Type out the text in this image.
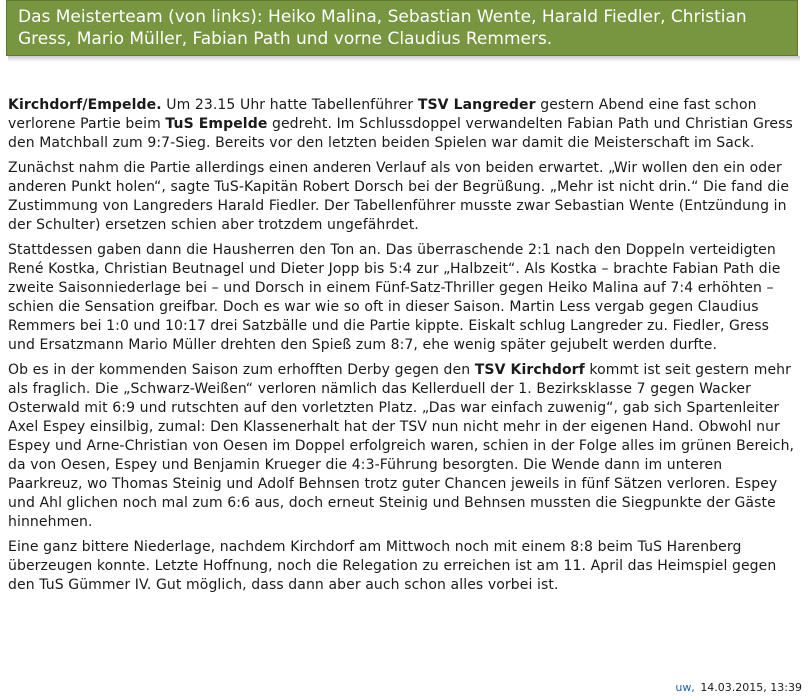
Das Meisterteam (von links): Heiko Malina, Sebastian Wente, Harald Fiedler, Christian Gress, Mario Müller, Fabian Path und vorne Claudius Remmers.

Kirchdorf/Empelde. Um 23.15 Uhr hatte Tabellenführer TSV Langreder gestern Abend eine fast schon verlorene Partie beim TuS Empelde gedreht. Im Schlussdoppel verwandelten Fabian Path und Christian Gress den Matchball zum 9:7-Sieg. Bereits vor den letzten beiden Spielen war damit die Meisterschaft im Sack.

Zunächst nahm die Partie allerdings einen anderen Verlauf als von beiden erwartet. „Wir wollen den ein oder anderen Punkt holen“, sagte TuS-Kapitän Robert Dorsch bei der Begrüßung. „Mehr ist nicht drin.“ Die fand die Zustimmung von Langreders Harald Fiedler. Der Tabellenführer musste zwar Sebastian Wente (Entzündung in der Schulter) ersetzen schien aber trotzdem ungefährdet.

Stattdessen gaben dann die Hausherren den Ton an. Das überraschende 2:1 nach den Doppeln verteidigten René Kostka, Christian Beutnagel und Dieter Jopp bis 5:4 zur „Halbzeit“. Als Kostka – brachte Fabian Path die zweite Saisonniederlage bei – und Dorsch in einem Fünf-Satz-Thriller gegen Heiko Malina auf 7:4 erhöhten – schien die Sensation greifbar. Doch es war wie so oft in dieser Saison. Martin Less vergab gegen Claudius Remmers bei 1:0 und 10:17 drei Satzbälle und die Partie kippte. Eiskalt schlug Langreder zu. Fiedler, Gress und Ersatzmann Mario Müller drehten den Spieß zum 8:7, ehe wenig später gejubelt werden durfte.

Ob es in der kommenden Saison zum erhofften Derby gegen den TSV Kirchdorf kommt ist seit gestern mehr als fraglich. Die „Schwarz-Weißen“ verloren nämlich das Kellerduell der 1. Bezirksklasse 7 gegen Wacker Osterwald mit 6:9 und rutschten auf den vorletzten Platz. „Das war einfach zuwenig“, gab sich Spartenleiter Axel Espey einsilbig, zumal: Den Klassenerhalt hat der TSV nun nicht mehr in der eigenen Hand. Obwohl nur Espey und Arne-Christian von Oesen im Doppel erfolgreich waren, schien in der Folge alles im grünen Bereich, da von Oesen, Espey und Benjamin Krueger die 4:3-Führung besorgten. Die Wende dann im unteren Paarkreuz, wo Thomas Steinig und Adolf Behnsen trotz guter Chancen jeweils in fünf Sätzen verloren. Espey und Ahl glichen noch mal zum 6:6 aus, doch erneut Steinig und Behnsen mussten die Siegpunkte der Gäste hinnehmen.

Eine ganz bittere Niederlage, nachdem Kirchdorf am Mittwoch noch mit einem 8:8 beim TuS Harenberg überzeugen konnte. Letzte Hoffnung, noch die Relegation zu erreichen ist am 11. April das Heimspiel gegen den TuS Gümmer IV. Gut möglich, dass dann aber auch schon alles vorbei ist.

uw, 14.03.2015, 13:39
